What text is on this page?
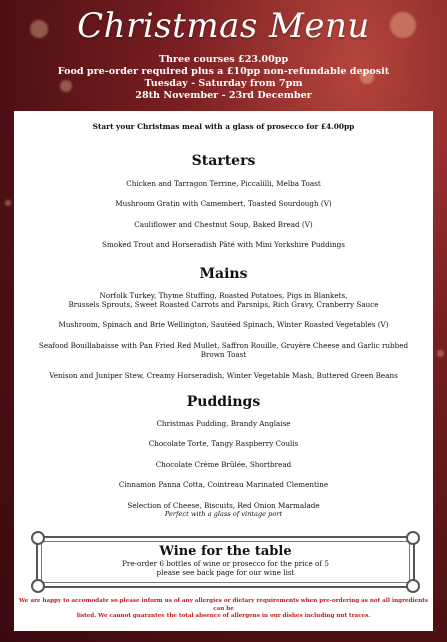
Christmas Menu
Three courses £23.00pp
Food pre-order required plus a £10pp non-refundable deposit
Tuesday - Saturday from 7pm
28th November - 23rd December
Start your Christmas meal with a glass of prosecco for £4.00pp
Starters
Chicken and Tarragon Terrine, Piccalilli, Melba Toast
Mushroom Gratin with Camembert, Toasted Sourdough (V)
Cauliflower and Chestnut Soup, Baked Bread (V)
Smoked Trout and Horseradish Pâté with Mini Yorkshire Puddings
Mains
Norfolk Turkey, Thyme Stuffing, Roasted Potatoes, Pigs in Blankets,
Brussels Sprouts, Sweet Roasted Carrots and Parsnips, Rich Gravy, Cranberry Sauce
Mushroom, Spinach and Brie Wellington, Sautéed Spinach, Winter Roasted Vegetables (V)
Seafood Bouillabaisse with Pan Fried Red Mullet, Saffron Rouille, Gruyère Cheese and Garlic rubbed
Brown Toast
Venison and Juniper Stew, Creamy Horseradish, Winter Vegetable Mash, Buttered Green Beans
Puddings
Christmas Pudding, Brandy Anglaise
Chocolate Torte, Tangy Raspberry Coulis
Chocolate Crème Brûlée, Shortbread
Cinnamon Panna Cotta, Cointreau Marinated Clementine
Selection of Cheese, Biscuits, Red Onion Marmalade
Perfect with a glass of vintage port
Wine for the table
Pre-order 6 bottles of wine or prosecco for the price of 5
please see back page for our wine list
We are happy to accomodate so please inform us of any allergies or dietary requirements when pre-ordering as not all ingredients can be
listed. We cannot guarantee the total absence of allergens in our dishes including nut traces.
